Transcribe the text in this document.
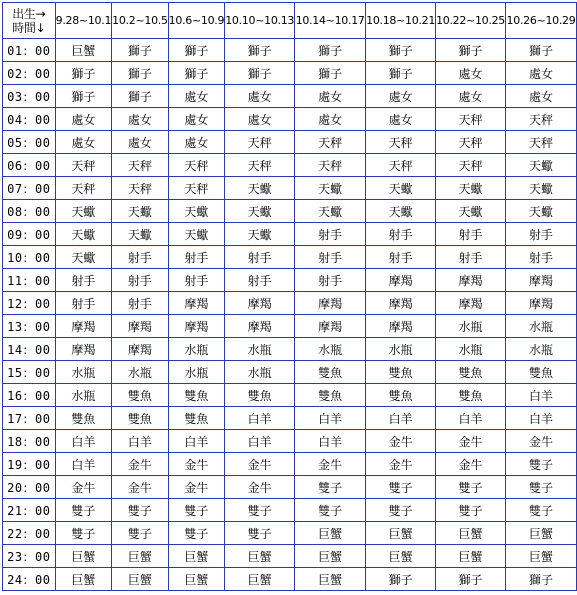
出生→
時間↓	9.28~10.1	10.2~10.5	10.6~10.9	10.10~10.13	10.14~10.17	10.18~10.21	10.22~10.25	10.26~10.29
01：00	巨蟹	獅子	獅子	獅子	獅子	獅子	獅子	獅子
02：00	獅子	獅子	獅子	獅子	獅子	獅子	處女	處女
03：00	獅子	獅子	處女	處女	處女	處女	處女	處女
04：00	處女	處女	處女	處女	處女	處女	天秤	天秤
05：00	處女	處女	處女	天秤	天秤	天秤	天秤	天秤
06：00	天秤	天秤	天秤	天秤	天秤	天秤	天秤	天蠍
07：00	天秤	天秤	天秤	天蠍	天蠍	天蠍	天蠍	天蠍
08：00	天蠍	天蠍	天蠍	天蠍	天蠍	天蠍	天蠍	天蠍
09：00	天蠍	天蠍	天蠍	天蠍	射手	射手	射手	射手
10：00	天蠍	射手	射手	射手	射手	射手	射手	射手
11：00	射手	射手	射手	射手	射手	摩羯	摩羯	摩羯
12：00	射手	射手	摩羯	摩羯	摩羯	摩羯	摩羯	摩羯
13：00	摩羯	摩羯	摩羯	摩羯	摩羯	摩羯	水瓶	水瓶
14：00	摩羯	摩羯	水瓶	水瓶	水瓶	水瓶	水瓶	水瓶
15：00	水瓶	水瓶	水瓶	水瓶	雙魚	雙魚	雙魚	雙魚
16：00	水瓶	雙魚	雙魚	雙魚	雙魚	雙魚	雙魚	白羊
17：00	雙魚	雙魚	雙魚	白羊	白羊	白羊	白羊	白羊
18：00	白羊	白羊	白羊	白羊	白羊	金牛	金牛	金牛
19：00	白羊	金牛	金牛	金牛	金牛	金牛	金牛	雙子
20：00	金牛	金牛	金牛	金牛	雙子	雙子	雙子	雙子
21：00	雙子	雙子	雙子	雙子	雙子	雙子	雙子	雙子
22：00	雙子	雙子	雙子	雙子	巨蟹	巨蟹	巨蟹	巨蟹
23：00	巨蟹	巨蟹	巨蟹	巨蟹	巨蟹	巨蟹	巨蟹	巨蟹
24：00	巨蟹	巨蟹	巨蟹	巨蟹	巨蟹	獅子	獅子	獅子
